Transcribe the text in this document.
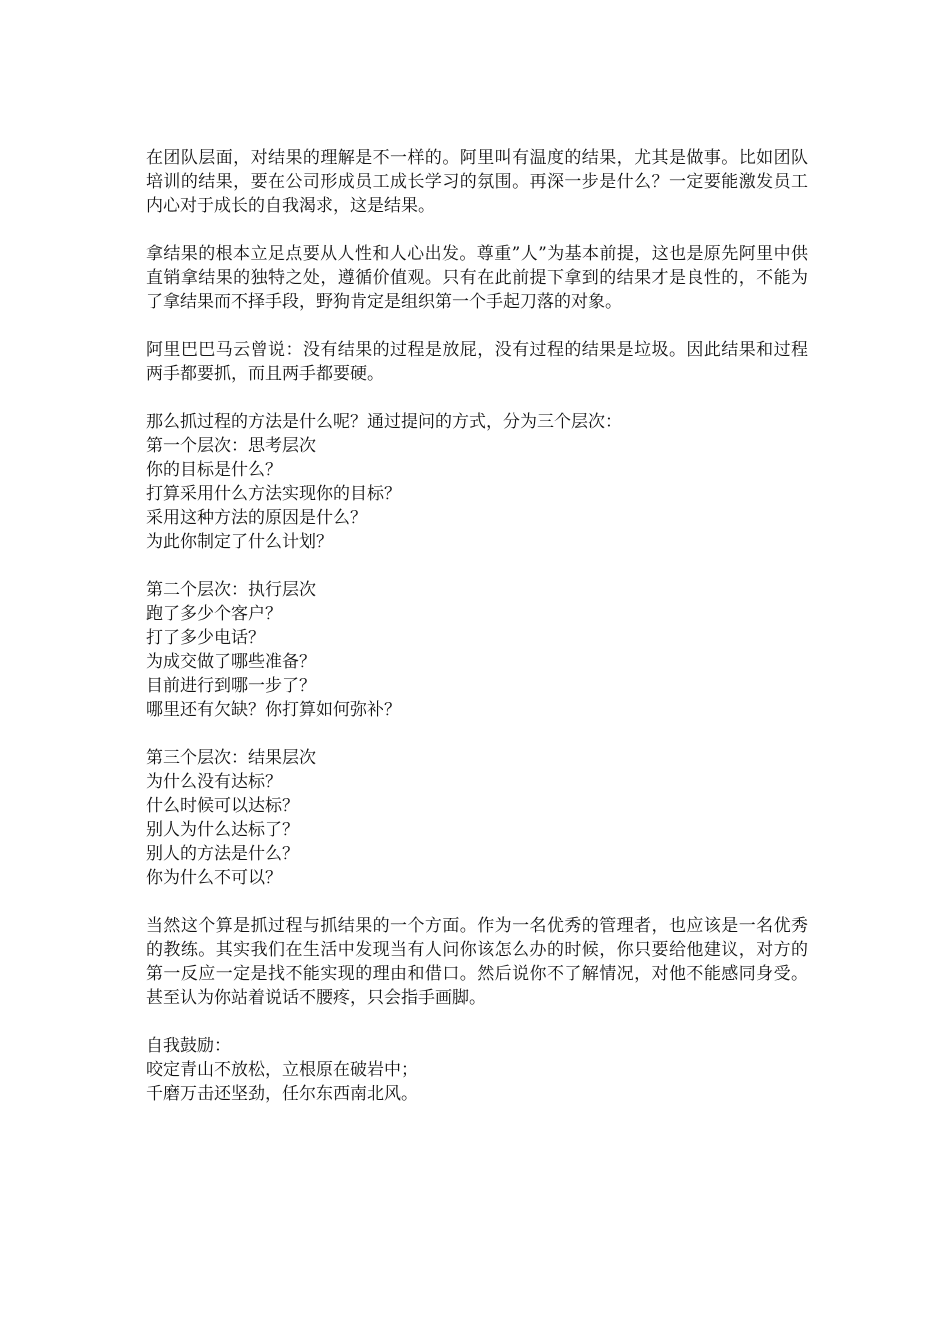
在团队层面，对结果的理解是不一样的。阿里叫有温度的结果，尤其是做事。比如团队培训的结果，要在公司形成员工成长学习的氛围。再深一步是什么？一定要能激发员工内心对于成长的自我渴求，这是结果。

拿结果的根本立足点要从人性和人心出发。尊重”人”为基本前提，这也是原先阿里中供直销拿结果的独特之处，遵循价值观。只有在此前提下拿到的结果才是良性的，不能为了拿结果而不择手段，野狗肯定是组织第一个手起刀落的对象。

阿里巴巴马云曾说：没有结果的过程是放屁，没有过程的结果是垃圾。因此结果和过程两手都要抓，而且两手都要硬。

那么抓过程的方法是什么呢？通过提问的方式，分为三个层次：

第一个层次：思考层次

你的目标是什么？

打算采用什么方法实现你的目标？

采用这种方法的原因是什么？

为此你制定了什么计划？

第二个层次：执行层次

跑了多少个客户？

打了多少电话？

为成交做了哪些准备？

目前进行到哪一步了？

哪里还有欠缺？你打算如何弥补？

第三个层次：结果层次

为什么没有达标？

什么时候可以达标？

别人为什么达标了？

别人的方法是什么？

你为什么不可以？

当然这个算是抓过程与抓结果的一个方面。作为一名优秀的管理者，也应该是一名优秀的教练。其实我们在生活中发现当有人问你该怎么办的时候，你只要给他建议，对方的第一反应一定是找不能实现的理由和借口。然后说你不了解情况，对他不能感同身受。甚至认为你站着说话不腰疼，只会指手画脚。

自我鼓励：

咬定青山不放松，立根原在破岩中；

千磨万击还坚劲，任尔东西南北风。
